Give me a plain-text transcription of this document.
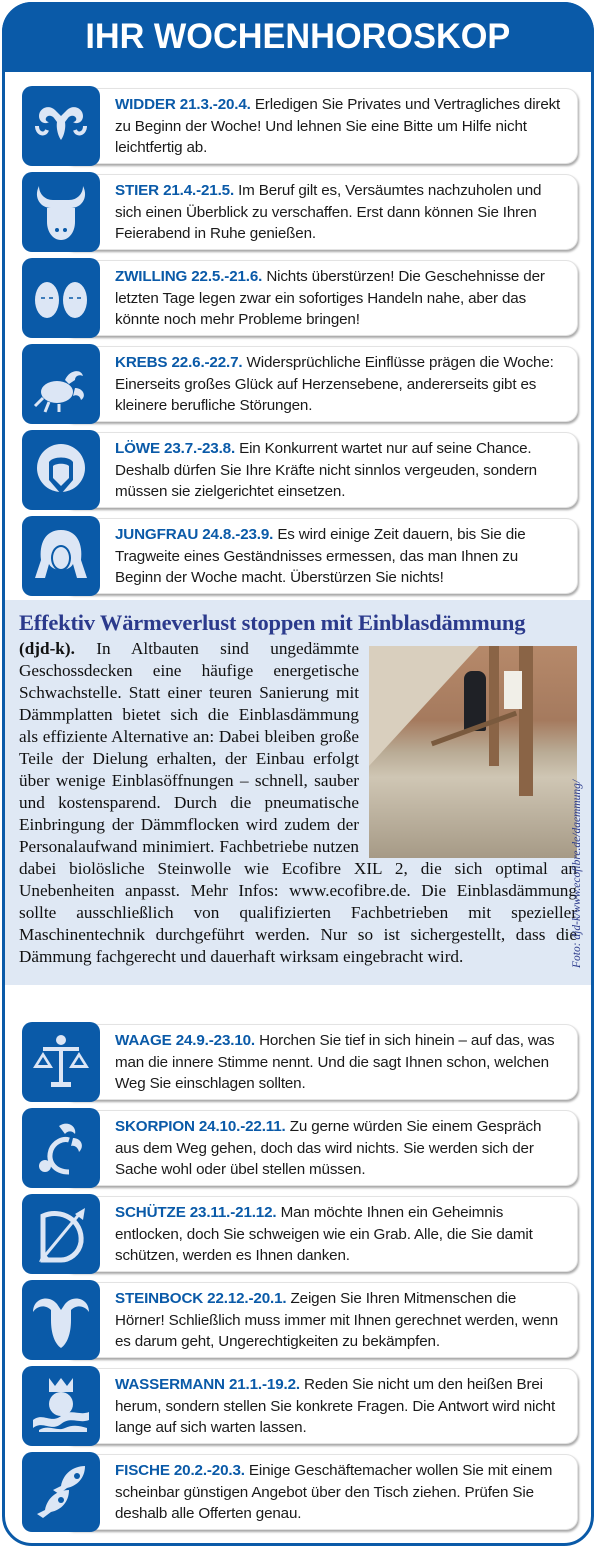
IHR WOCHENHOROSKOP
WIDDER 21.3.-20.4. Erledigen Sie Privates und Vertragliches direkt zu Beginn der Woche! Und lehnen Sie eine Bitte um Hilfe nicht leichtfertig ab.
STIER 21.4.-21.5. Im Beruf gilt es, Versäumtes nachzuholen und sich einen Überblick zu verschaffen. Erst dann können Sie Ihren Feierabend in Ruhe genießen.
ZWILLING 22.5.-21.6. Nichts überstürzen! Die Geschehnisse der letzten Tage legen zwar ein sofortiges Handeln nahe, aber das könnte noch mehr Probleme bringen!
KREBS 22.6.-22.7. Widersprüchliche Einflüsse prägen die Woche: Einerseits großes Glück auf Herzensebene, andererseits gibt es kleinere berufliche Störungen.
LÖWE 23.7.-23.8. Ein Konkurrent wartet nur auf seine Chance. Deshalb dürfen Sie Ihre Kräfte nicht sinnlos vergeuden, sondern müssen sie zielgerichtet einsetzen.
JUNGFRAU 24.8.-23.9. Es wird einige Zeit dauern, bis Sie die Tragweite eines Geständnisses ermessen, das man Ihnen zu Beginn der Woche macht. Überstürzen Sie nichts!
Effektiv Wärmeverlust stoppen mit Einblasdämmung
(djd-k). In Altbauten sind ungedämmte Geschossdecken eine häufige energetische Schwachstelle. Statt einer teuren Sanierung mit Dämmplatten bietet sich die Einblasdämmung als effiziente Alternative an: Dabei bleiben große Teile der Dielung erhalten, der Einbau erfolgt über wenige Einblasöffnungen – schnell, sauber und kostensparend. Durch die pneumatische Einbringung der Dämmflocken wird zudem der Personalaufwand minimiert. Fachbetriebe nutzen dabei biolösliche Steinwolle wie Ecofibre XIL 2, die sich optimal an Unebenheiten anpasst. Mehr Infos: www.ecofibre.de. Die Einblasdämmung sollte ausschließlich von qualifizierten Fachbetrieben mit spezieller Maschinentechnik durchgeführt werden. Nur so ist sichergestellt, dass die Dämmung fachgerecht und dauerhaft wirksam eingebracht wird.	Foto: djd-k/www.ecofibre.de/daemmung/
WAAGE 24.9.-23.10. Horchen Sie tief in sich hinein – auf das, was man die innere Stimme nennt. Und die sagt Ihnen schon, welchen Weg Sie einschlagen sollten.
SKORPION 24.10.-22.11. Zu gerne würden Sie einem Gespräch aus dem Weg gehen, doch das wird nichts. Sie werden sich der Sache wohl oder übel stellen müssen.
SCHÜTZE 23.11.-21.12. Man möchte Ihnen ein Geheimnis entlocken, doch Sie schweigen wie ein Grab. Alle, die Sie damit schützen, werden es Ihnen danken.
STEINBOCK 22.12.-20.1. Zeigen Sie Ihren Mitmenschen die Hörner! Schließlich muss immer mit Ihnen gerechnet werden, wenn es darum geht, Ungerechtigkeiten zu bekämpfen.
WASSERMANN 21.1.-19.2. Reden Sie nicht um den heißen Brei herum, sondern stellen Sie konkrete Fragen. Die Antwort wird nicht lange auf sich warten lassen.
FISCHE 20.2.-20.3. Einige Geschäftemacher wollen Sie mit einem scheinbar günstigen Angebot über den Tisch ziehen. Prüfen Sie deshalb alle Offerten genau.
